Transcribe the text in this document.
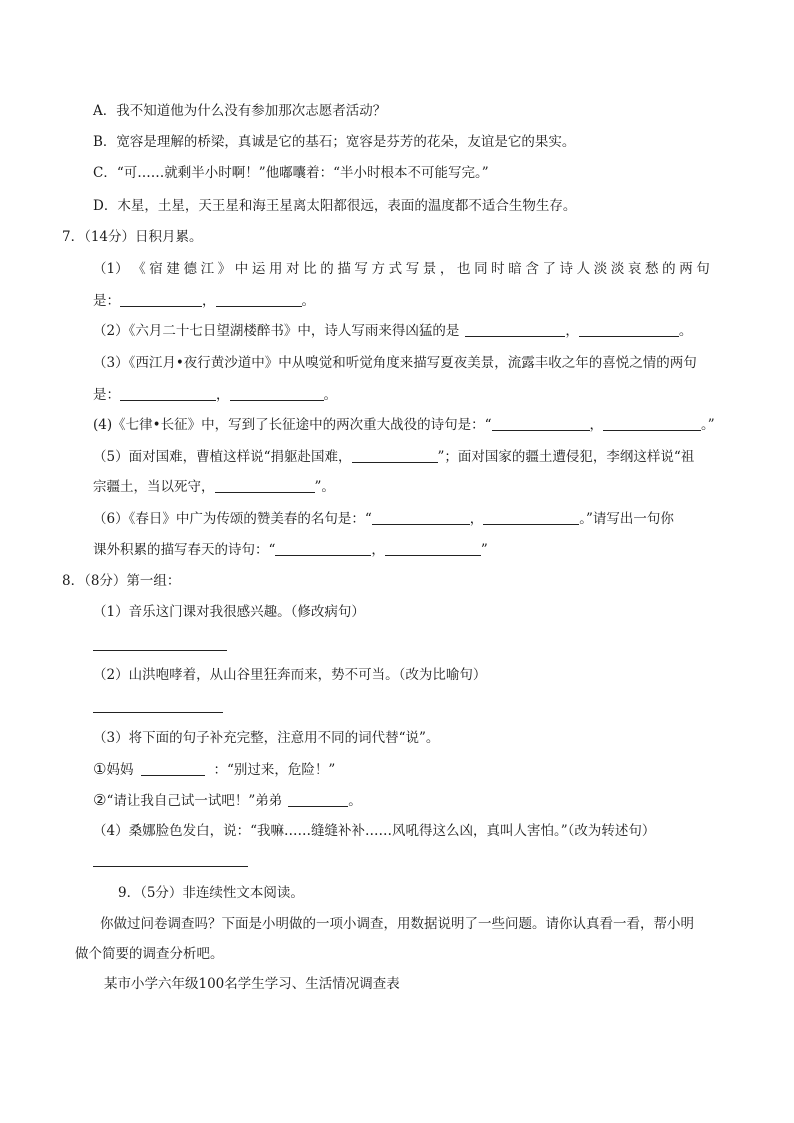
A．我不知道他为什么没有参加那次志愿者活动？
B．宽容是理解的桥梁，真诚是它的基石；宽容是芬芳的花朵，友谊是它的果实。
C．“可……就剩半小时啊！”他嘟囔着：“半小时根本不可能写完。”
D．木星，土星，天王星和海王星离太阳都很远，表面的温度都不适合生物生存。
7．（14分）日积月累。
（1） 《 宿 建 德 江 》 中 运 用 对 比 的 描 写 方 式 写 景 ， 也 同 时 暗 含 了 诗 人 淡 淡 哀 愁 的 两 句
是：	，	。
（2）《六月二十七日望湖楼醉书》中，诗人写雨来得凶猛的是	，	。
（3）《西江月•夜行黄沙道中》中从嗅觉和听觉角度来描写夏夜美景，流露丰收之年的喜悦之情的两句
是：	，	。
(4)《七律•长征》中，写到了长征途中的两次重大战役的诗句是：“	，	。”
（5）面对国难，曹植这样说“捐躯赴国难，	”；面对国家的疆土遭侵犯，李纲这样说“祖
宗疆土，当以死守，	”。
（6）《春日》中广为传颂的赞美春的名句是：“	，	。”请写出一句你
课外积累的描写春天的诗句：“	，	”
8．（8分）第一组：
（1）音乐这门课对我很感兴趣。（修改病句）
（2）山洪咆哮着，从山谷里狂奔而来，势不可当。（改为比喻句）
（3）将下面的句子补充完整，注意用不同的词代替“说”。
①妈妈	：“别过来，危险！”
②“请让我自己试一试吧！”弟弟	。
（4）桑娜脸色发白，说：“我嘛……缝缝补补……风吼得这么凶，真叫人害怕。”（改为转述句）
9．（5分）非连续性文本阅读。
你做过问卷调查吗？下面是小明做的一项小调查，用数据说明了一些问题。请你认真看一看，帮小明
做个简要的调查分析吧。
某市小学六年级100名学生学习、生活情况调查表
